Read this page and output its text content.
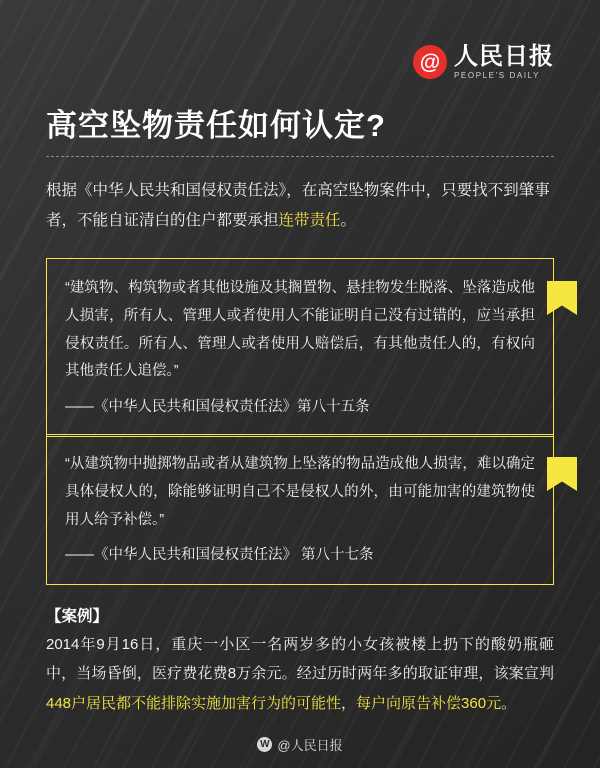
@ 人民日报
PEOPLE'S DAILY
高空坠物责任如何认定?
根据《中华人民共和国侵权责任法》，在高空坠物案件中，只要找不到肇事者，不能自证清白的住户都要承担连带责任。
“建筑物、构筑物或者其他设施及其搁置物、悬挂物发生脱落、坠落造成他人损害，所有人、管理人或者使用人不能证明自己没有过错的，应当承担侵权责任。所有人、管理人或者使用人赔偿后，有其他责任人的，有权向其他责任人追偿。”
——《中华人民共和国侵权责任法》第八十五条
“从建筑物中抛掷物品或者从建筑物上坠落的物品造成他人损害，难以确定具体侵权人的，除能够证明自己不是侵权人的外，由可能加害的建筑物使用人给予补偿。”
——《中华人民共和国侵权责任法》 第八十七条
【案例】
2014年9月16日，重庆一小区一名两岁多的小女孩被楼上扔下的酸奶瓶砸中，当场昏倒，医疗费花费8万余元。经过历时两年多的取证审理，该案宣判448户居民都不能排除实施加害行为的可能性，每户向原告补偿360元。
W @人民日报
